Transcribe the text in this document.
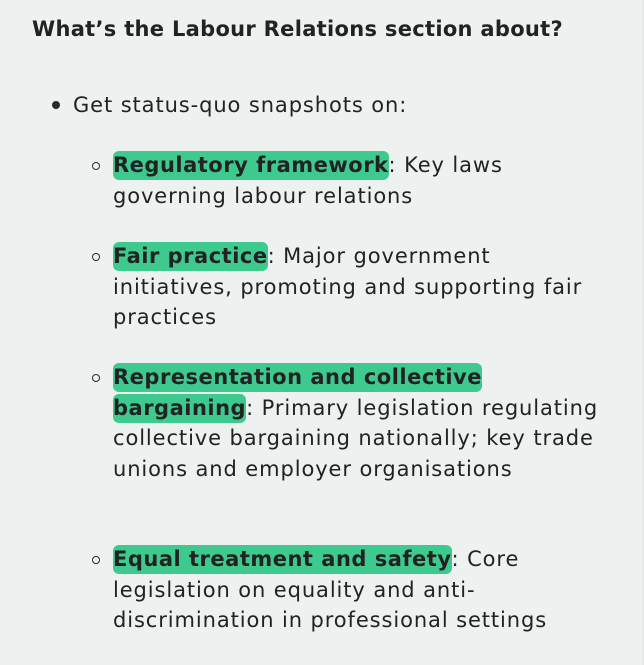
What’s the Labour Relations section about?
Get status-quo snapshots on:
Regulatory framework: Key laws governing labour relations
Fair practice: Major government initiatives, promoting and supporting fair practices
Representation and collective bargaining: Primary legislation regulating collective bargaining nationally; key trade unions and employer organisations
Equal treatment and safety: Core legislation on equality and anti-discrimination in professional settings
